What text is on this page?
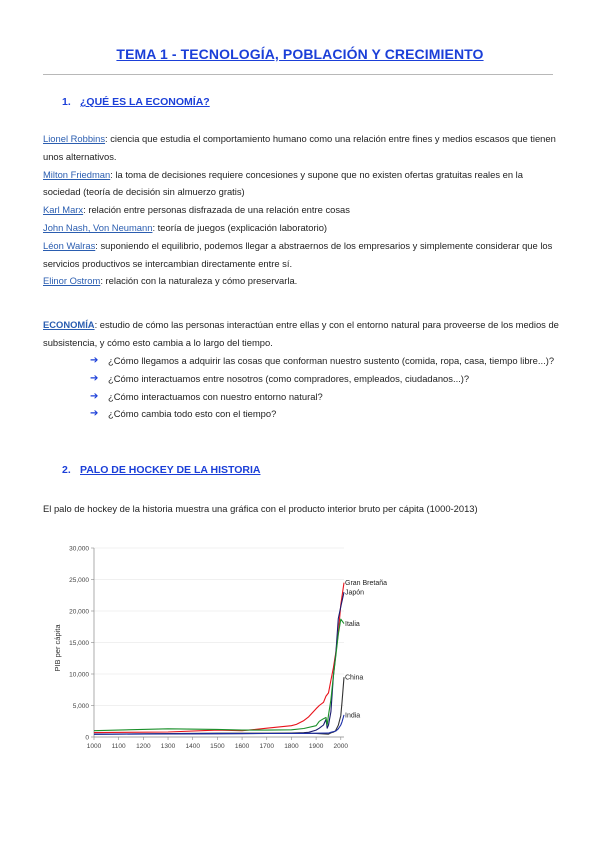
TEMA 1 - TECNOLOGÍA, POBLACIÓN Y CRECIMIENTO
1. ¿QUÉ ES LA ECONOMÍA?

Lionel Robbins: ciencia que estudia el comportamiento humano como una relación entre fines y medios escasos que tienen unos alternativos.

Milton Friedman: la toma de decisiones requiere concesiones y supone que no existen ofertas gratuitas reales en la sociedad (teoría de decisión sin almuerzo gratis)

Karl Marx: relación entre personas disfrazada de una relación entre cosas

John Nash, Von Neumann: teoría de juegos (explicación laboratorio)

Léon Walras: suponiendo el equilibrio, podemos llegar a abstraernos de los empresarios y simplemente considerar que los servicios productivos se intercambian directamente entre sí.

Elinor Ostrom: relación con la naturaleza y cómo preservarla.

ECONOMÍA: estudio de cómo las personas interactúan entre ellas y con el entorno natural para proveerse de los medios de subsistencia, y cómo esto cambia a lo largo del tiempo.

➔	¿Cómo llegamos a adquirir las cosas que conforman nuestro sustento (comida, ropa, casa, tiempo libre...)?
➔	¿Cómo interactuamos entre nosotros (como compradores, empleados, ciudadanos...)?
➔	¿Cómo interactuamos con nuestro entorno natural?
➔	¿Cómo cambia todo esto con el tiempo?
2. PALO DE HOCKEY DE LA HISTORIA

El palo de hockey de la historia muestra una gráfica con el producto interior bruto per cápita (1000-2013)

0
5,000
10,000
15,000
20,000
25,000
30,000
1000 1100 1200 1300 1400 1500 1600 1700 1800 1900 2000
PIB per cápita
Gran Bretaña
Japón
Italia
China
India
